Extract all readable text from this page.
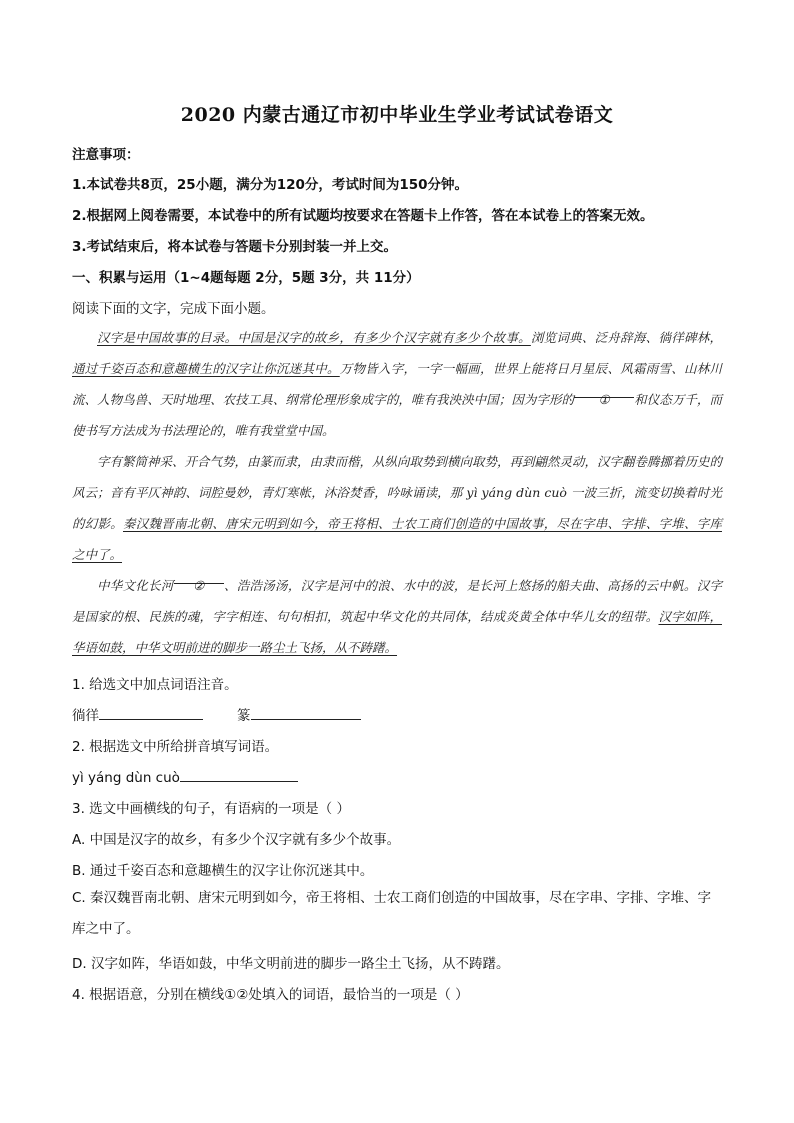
2020 内蒙古通辽市初中毕业生学业考试试卷语文
注意事项：
1.本试卷共8页，25小题，满分为120分，考试时间为150分钟。
2.根据网上阅卷需要，本试卷中的所有试题均按要求在答题卡上作答，答在本试卷上的答案无效。
3.考试结束后，将本试卷与答题卡分别封装一并上交。
一、积累与运用（1~4题每题 2分，5题 3分，共 11分）
阅读下面的文字，完成下面小题。
汉字是中国故事的目录。中国是汉字的故乡，有多少个汉字就有多少个故事。浏览词典、泛舟辞海、徜徉碑林，通过千姿百态和意趣横生的汉字让你沉迷其中。万物皆入字，一字一幅画，世界上能将日月星辰、风霜雨雪、山林川流、人物鸟兽、天时地理、农技工具、纲常伦理形象成字的，唯有我泱泱中国；因为字形的 ① 和仪态万千，而使书写方法成为书法理论的，唯有我堂堂中国。
字有繁简神采、开合气势，由篆而隶，由隶而楷，从纵向取势到横向取势，再到翩然灵动，汉字翻卷腾挪着历史的风云；音有平仄神韵、词腔曼妙，青灯寒帐，沐浴焚香，吟咏诵读，那 yì yáng dùn cuò 一波三折，流变切换着时光的幻影。秦汉魏晋南北朝、唐宋元明到如今，帝王将相、士农工商们创造的中国故事，尽在字串、字排、字堆、字库之中了。
中华文化长河 ② 、浩浩汤汤，汉字是河中的浪、水中的波，是长河上悠扬的船夫曲、高扬的云中帆。汉字是国家的根、民族的魂，字字相连、句句相扣，筑起中华文化的共同体，结成炎黄全体中华儿女的纽带。汉字如阵，华语如鼓，中华文明前进的脚步一路尘土飞扬，从不踌躇。
1. 给选文中加点词语注音。
徜徉	篆
2. 根据选文中所给拼音填写词语。
yì yáng dùn cuò
3. 选文中画横线的句子，有语病的一项是（ ）
A. 中国是汉字的故乡，有多少个汉字就有多少个故事。
B. 通过千姿百态和意趣横生的汉字让你沉迷其中。
C. 秦汉魏晋南北朝、唐宋元明到如今，帝王将相、士农工商们创造的中国故事，尽在字串、字排、字堆、字库之中了。
D. 汉字如阵，华语如鼓，中华文明前进的脚步一路尘土飞扬，从不踌躇。
4. 根据语意，分别在横线①②处填入的词语，最恰当的一项是（ ）
